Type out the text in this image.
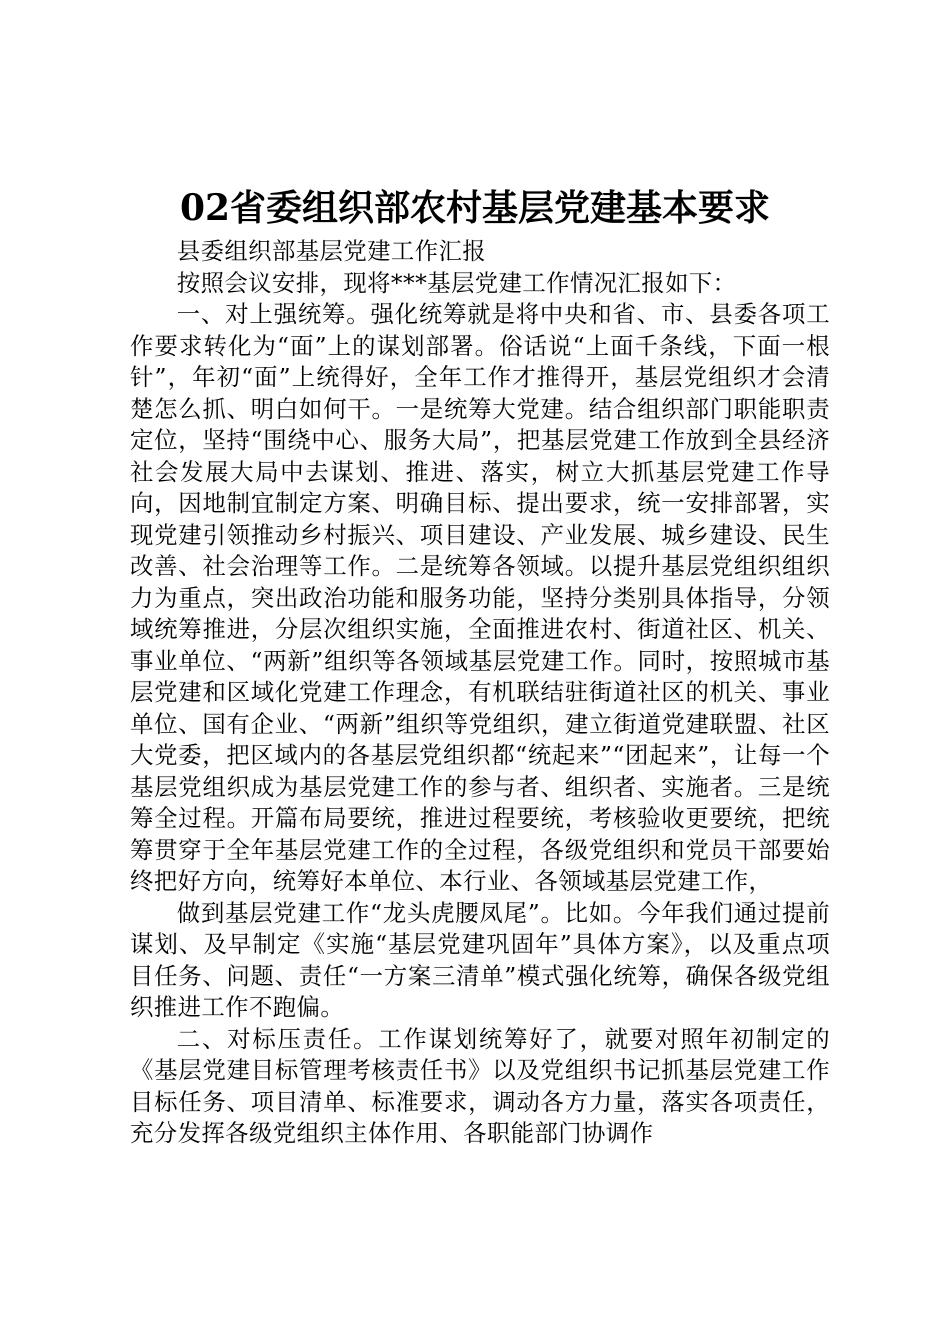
02省委组织部农村基层党建基本要求

县委组织部基层党建工作汇报

按照会议安排，现将***基层党建工作情况汇报如下：

一、对上强统筹。强化统筹就是将中央和省、市、县委各项工作要求转化为“面”上的谋划部署。俗话说“上面千条线，下面一根针”，年初“面”上统得好，全年工作才推得开，基层党组织才会清楚怎么抓、明白如何干。一是统筹大党建。结合组织部门职能职责定位，坚持“围绕中心、服务大局”，把基层党建工作放到全县经济社会发展大局中去谋划、推进、落实，树立大抓基层党建工作导向，因地制宜制定方案、明确目标、提出要求，统一安排部署，实现党建引领推动乡村振兴、项目建设、产业发展、城乡建设、民生改善、社会治理等工作。二是统筹各领域。以提升基层党组织组织力为重点，突出政治功能和服务功能，坚持分类别具体指导，分领域统筹推进，分层次组织实施，全面推进农村、街道社区、机关、事业单位、“两新”组织等各领域基层党建工作。同时，按照城市基层党建和区域化党建工作理念，有机联结驻街道社区的机关、事业单位、国有企业、“两新”组织等党组织，建立街道党建联盟、社区大党委，把区域内的各基层党组织都“统起来”“团起来”，让每一个基层党组织成为基层党建工作的参与者、组织者、实施者。三是统筹全过程。开篇布局要统，推进过程要统，考核验收更要统，把统筹贯穿于全年基层党建工作的全过程，各级党组织和党员干部要始终把好方向，统筹好本单位、本行业、各领域基层党建工作，

做到基层党建工作“龙头虎腰凤尾”。比如。今年我们通过提前谋划、及早制定《实施“基层党建巩固年”具体方案》，以及重点项目任务、问题、责任“一方案三清单”模式强化统筹，确保各级党组织推进工作不跑偏。

二、对标压责任。工作谋划统筹好了，就要对照年初制定的《基层党建目标管理考核责任书》以及党组织书记抓基层党建工作目标任务、项目清单、标准要求，调动各方力量，落实各项责任，充分发挥各级党组织主体作用、各职能部门协调作
